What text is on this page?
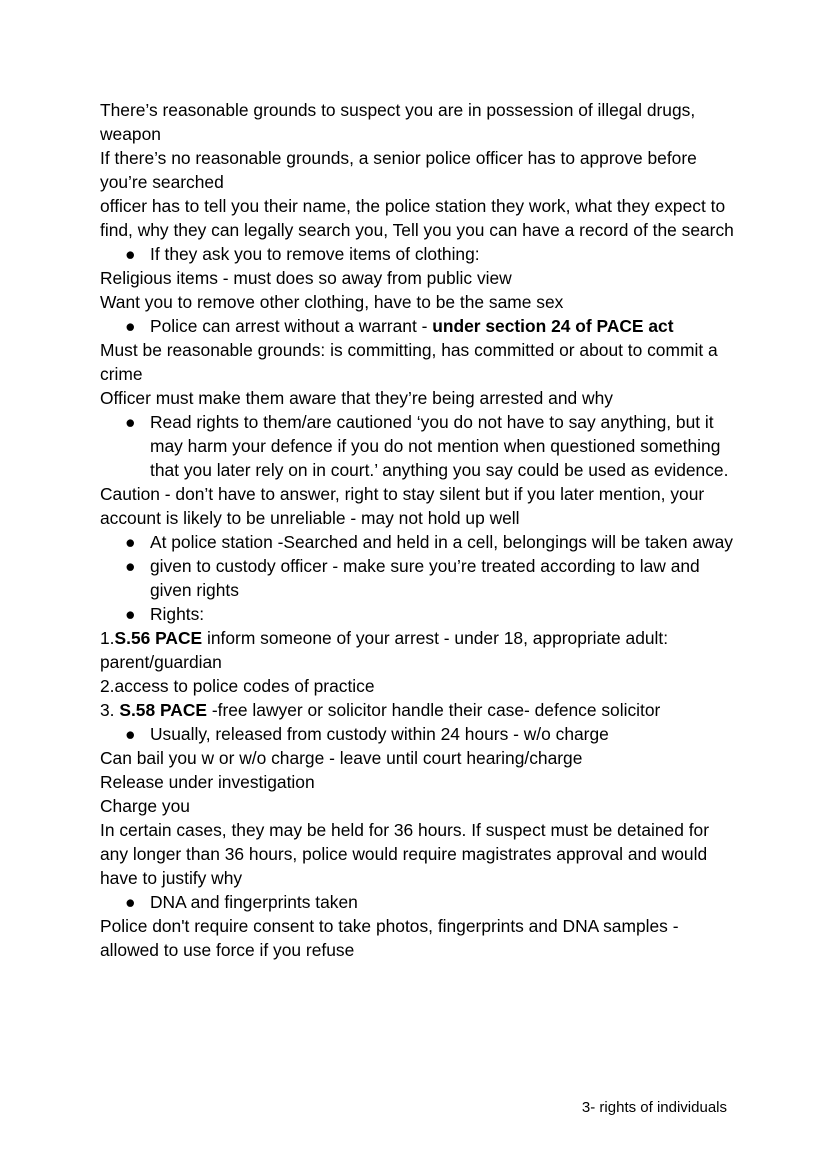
There’s reasonable grounds to suspect you are in possession of illegal drugs, weapon

If there’s no reasonable grounds, a senior police officer has to approve before you’re searched

officer has to tell you their name, the police station they work, what they expect to find, why they can legally search you, Tell you you can have a record of the search

● If they ask you to remove items of clothing:

Religious items - must does so away from public view

Want you to remove other clothing, have to be the same sex

● Police can arrest without a warrant - under section 24 of PACE act

Must be reasonable grounds: is committing, has committed or about to commit a crime

Officer must make them aware that they’re being arrested and why

● Read rights to them/are cautioned ‘you do not have to say anything, but it may harm your defence if you do not mention when questioned something that you later rely on in court.’ anything you say could be used as evidence.

Caution - don’t have to answer, right to stay silent but if you later mention, your account is likely to be unreliable - may not hold up well

● At police station -Searched and held in a cell, belongings will be taken away

● given to custody officer - make sure you’re treated according to law and given rights

● Rights:

1.S.56 PACE inform someone of your arrest - under 18, appropriate adult: parent/guardian

2.access to police codes of practice

3. S.58 PACE -free lawyer or solicitor handle their case- defence solicitor

● Usually, released from custody within 24 hours - w/o charge

Can bail you w or w/o charge - leave until court hearing/charge

Release under investigation

Charge you

In certain cases, they may be held for 36 hours. If suspect must be detained for any longer than 36 hours, police would require magistrates approval and would have to justify why

● DNA and fingerprints taken

Police don't require consent to take photos, fingerprints and DNA samples - allowed to use force if you refuse

3- rights of individuals
